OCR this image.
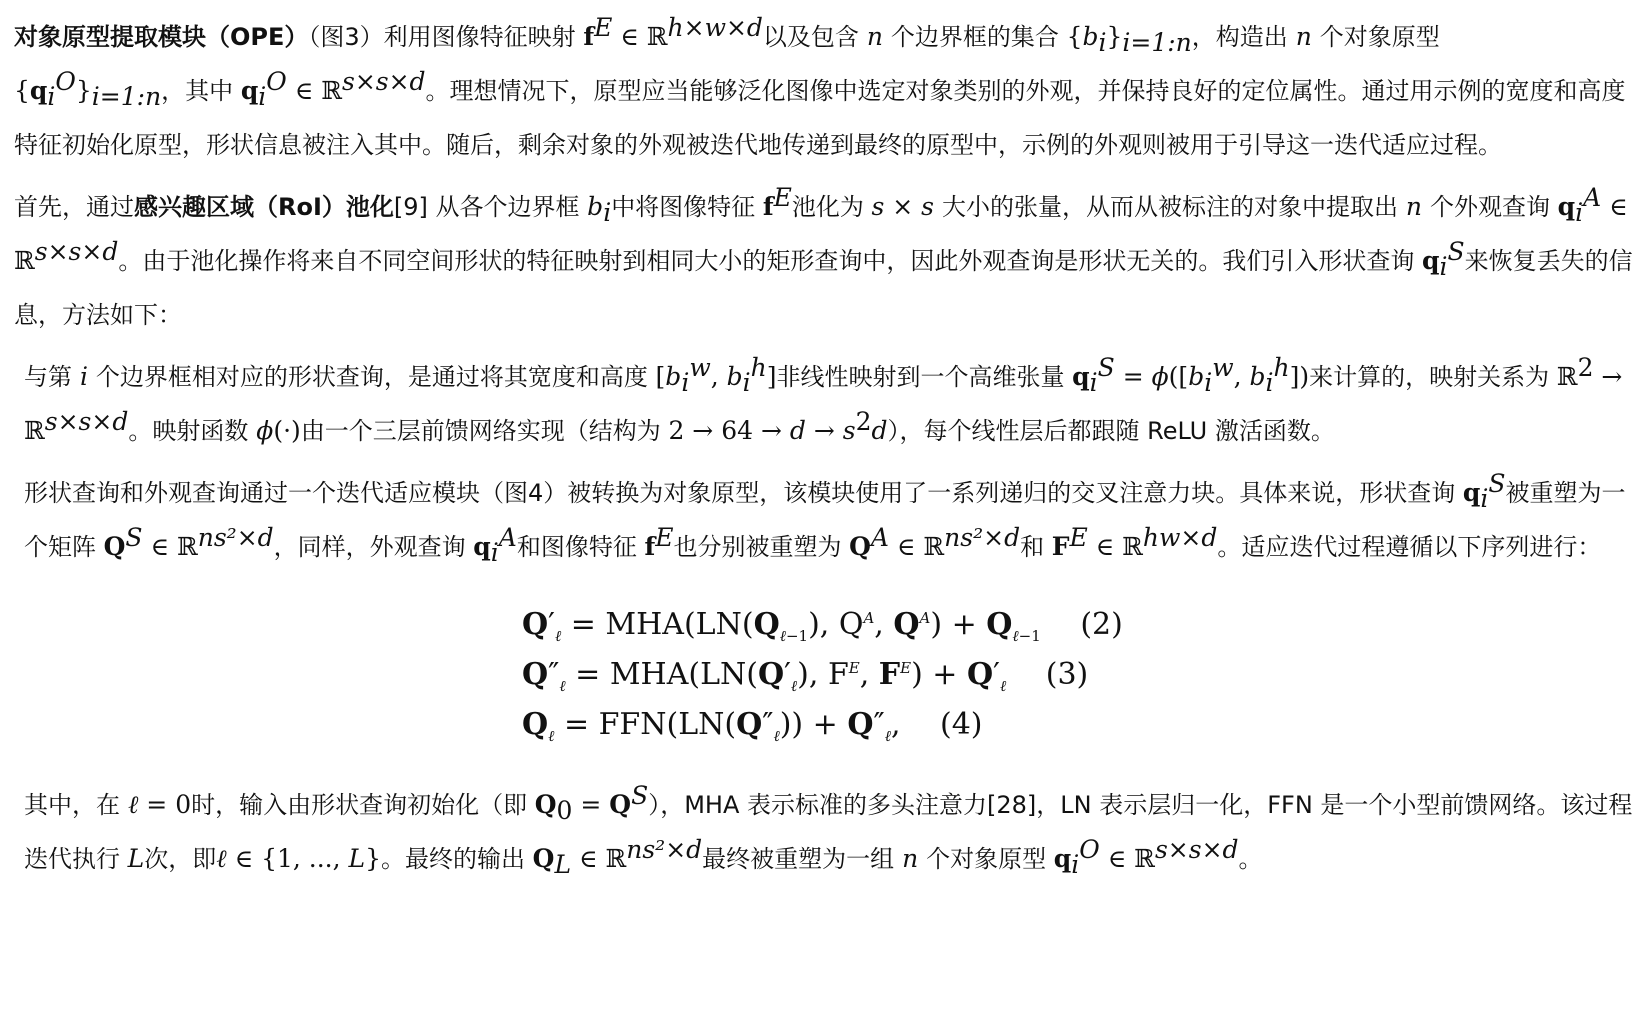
对象原型提取模块（OPE）（图3）利用图像特征映射 $f^E$ ∈ ℝ$^{h\times w\times d}$以及包含 n 个边界框的集合 $\{b_i\}_{i=1:n}$，构造出 n 个对象原型
$\{q_i^O\}_{i=1:n}$，其中 $q_i^O$ ∈ ℝ$^{s\times s\times d}$。理想情况下，原型应当能够泛化图像中选定对象类别的外观，并保持良好的定位属性。通过用示例的宽度和高度特征初始化原型，形状信息被注入其中。随后，剩余对象的外观被迭代地传递到最终的原型中，示例的外观则被用于引导这一迭代适应过程。

首先，通过感兴趣区域（RoI）池化[9] 从各个边界框 $b_i$中将图像特征 $f^E$池化为 s × s 大小的张量，从而从被标注的对象中提取出 n 个外观查询 $q_i^A$ ∈ ℝ$^{s\times s\times d}$。由于池化操作将来自不同空间形状的特征映射到相同大小的矩形查询中，因此外观查询是形状无关的。我们引入形状查询 $q_i^S$来恢复丢失的信息，方法如下：

与第 i 个边界框相对应的形状查询，是通过将其宽度和高度 [$b_i^w$, $b_i^h$]非线性映射到一个高维张量 $q_i^S = \phi([b_i^w$, $b_i^h$])来计算的，映射关系为 ℝ$^2$ → ℝ$^{s\times s\times d}$。映射函数 ϕ(·)由一个三层前馈网络实现（结构为 $2 \to 64 \to d \to s^2d$），每个线性层后都跟随 ReLU 激活函数。

形状查询和外观查询通过一个迭代适应模块（图4）被转换为对象原型，该模块使用了一系列递归的交叉注意力块。具体来说，形状查询 $q_i^S$被重塑为一个矩阵 $Q^S$ ∈ ℝ$^{ns^2\times d}$，同样，外观查询 $q_i^A$和图像特征 $f^E$也分别被重塑为 $Q^A$ ∈ ℝ$^{ns^2\times d}$和 $F^E$ ∈ ℝ$^{hw\times d}$。适应迭代过程遵循以下序列进行：

$Q'_\ell = MHA(LN(Q_{\ell-1})$, $Q^A$, $Q^A) + Q_{\ell-1}$ (2)
$Q''_\ell = MHA(LN(Q'_\ell)$, $F^E$, $F^E) + Q'_\ell$ (3)
$Q_\ell = FFN(LN(Q''_\ell)) + Q''_\ell$, (4)

其中，在 ℓ = 0时，输入由形状查询初始化（即 $Q_0 = Q^S$），MHA 表示标准的多头注意力[28]，LN 表示层归一化，FFN 是一个小型前馈网络。该过程迭代执行 L次，即ℓ ∈ {1, ..., L}。最终的输出 $Q_L$ ∈ ℝ$^{ns^2\times d}$最终被重塑为一组 n 个对象原型 $q_i^O$ ∈ ℝ$^{s\times s\times d}$。
